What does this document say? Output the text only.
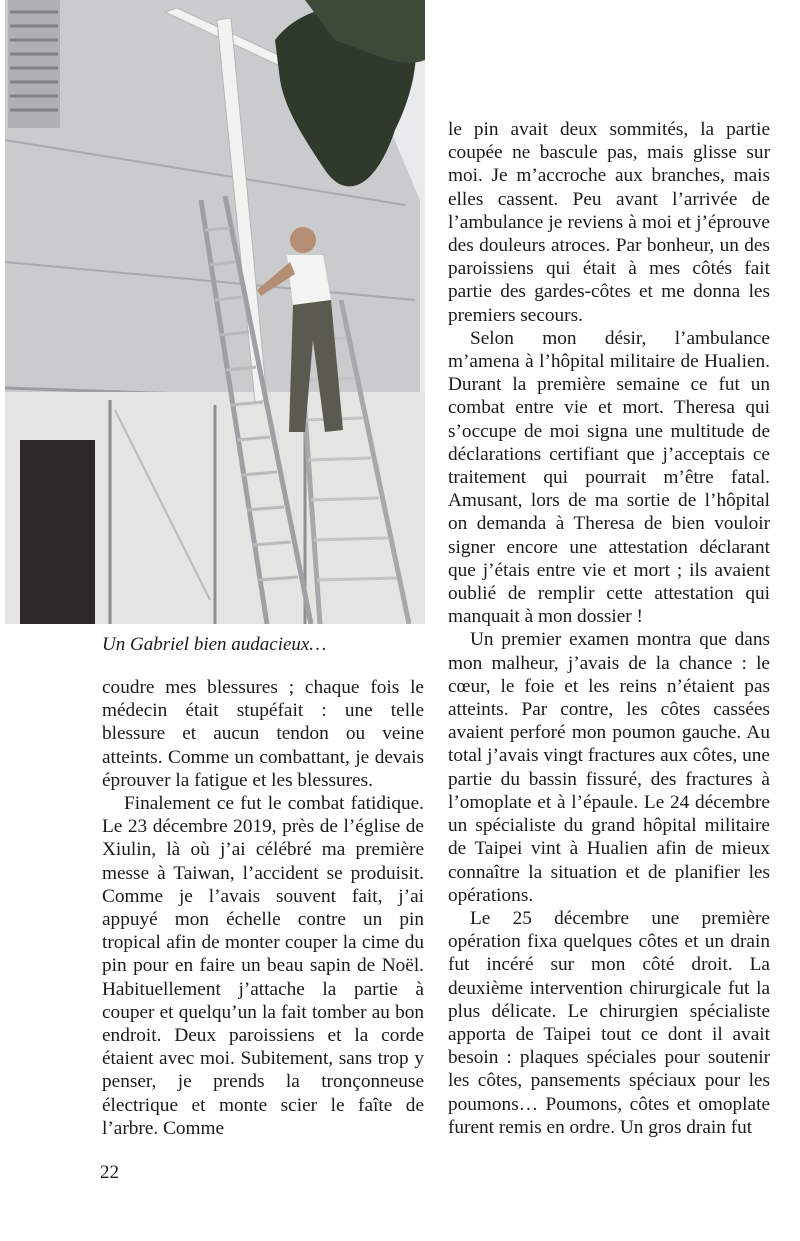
Un Gabriel bien audacieux…

coudre mes blessures ; chaque fois le médecin était stupéfait : une telle blessure et aucun tendon ou veine atteints. Comme un combattant, je devais éprouver la fatigue et les blessures.

Finalement ce fut le combat fatidique. Le 23 décembre 2019, près de l’église de Xiulin, là où j’ai célébré ma première messe à Taiwan, l’accident se produisit. Comme je l’avais souvent fait, j’ai appuyé mon échelle contre un pin tropical afin de monter couper la cime du pin pour en faire un beau sapin de Noël. Habituellement j’attache la partie à couper et quelqu’un la fait tomber au bon endroit. Deux paroissiens et la corde étaient avec moi. Subitement, sans trop y penser, je prends la tronçonneuse électrique et monte scier le faîte de l’arbre. Comme

le pin avait deux sommités, la partie coupée ne bascule pas, mais glisse sur moi. Je m’accroche aux branches, mais elles cassent. Peu avant l’arrivée de l’ambulance je reviens à moi et j’éprouve des douleurs atroces. Par bonheur, un des paroissiens qui était à mes côtés fait partie des gardes-côtes et me donna les premiers secours.

Selon mon désir, l’ambulance m’amena à l’hôpital militaire de Hualien. Durant la première semaine ce fut un combat entre vie et mort. Theresa qui s’occupe de moi signa une multitude de déclarations certifiant que j’acceptais ce traitement qui pourrait m’être fatal. Amusant, lors de ma sortie de l’hôpital on demanda à Theresa de bien vouloir signer encore une attestation déclarant que j’étais entre vie et mort ; ils avaient oublié de remplir cette attestation qui manquait à mon dossier !

Un premier examen montra que dans mon malheur, j’avais de la chance : le cœur, le foie et les reins n’étaient pas atteints. Par contre, les côtes cassées avaient perforé mon poumon gauche. Au total j’avais vingt fractures aux côtes, une partie du bassin fissuré, des fractures à l’omoplate et à l’épaule. Le 24 décembre un spécialiste du grand hôpital militaire de Taipei vint à Hualien afin de mieux connaître la situation et de planifier les opérations.

Le 25 décembre une première opération fixa quelques côtes et un drain fut incéré sur mon côté droit. La deuxième intervention chirurgicale fut la plus délicate. Le chirurgien spécialiste apporta de Taipei tout ce dont il avait besoin : plaques spéciales pour soutenir les côtes, pansements spéciaux pour les poumons… Poumons, côtes et omoplate furent remis en ordre. Un gros drain fut

22
